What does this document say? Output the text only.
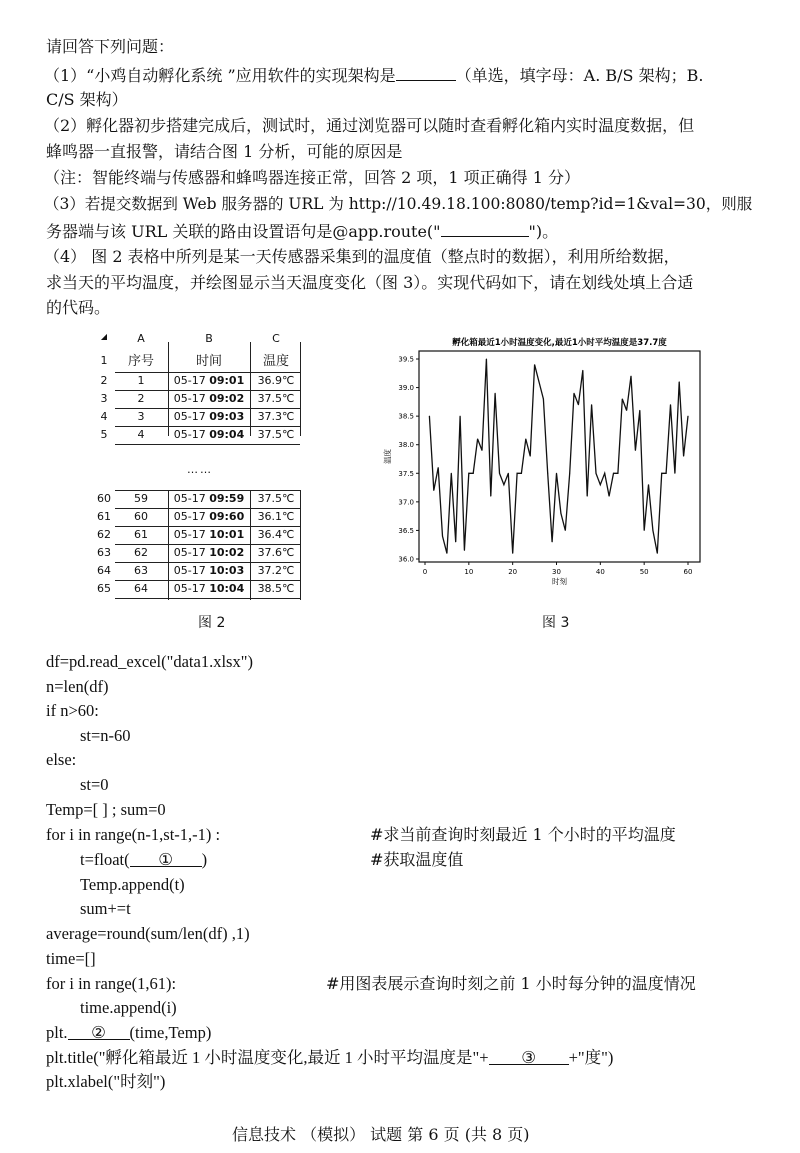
请回答下列问题：
（1）“小鸡自动孵化系统 ”应用软件的实现架构是	（单选，填字母：A. B/S 架构；B.
C/S 架构）
（2）孵化器初步搭建完成后，测试时，通过浏览器可以随时查看孵化箱内实时温度数据，但
蜂鸣器一直报警，请结合图 1 分析，可能的原因是
（注：智能终端与传感器和蜂鸣器连接正常，回答 2 项，1 项正确得 1 分）
（3）若提交数据到 Web 服务器的 URL 为 http://10.49.18.100:8080/temp?id=1&val=30，则服
务器端与该 URL 关联的路由设置语句是@app.route("	")。
（4） 图 2 表格中所列是某一天传感器采集到的温度值（整点时的数据），利用所给数据，
求当天的平均温度，并绘图显示当天温度变化（图 3）。实现代码如下，请在划线处填上合适
的代码。
◢	A	B	C
1	序号	时间	温度
2	1	05-17 09:01	36.9℃
3	2	05-17 09:02	37.5℃
4	3	05-17 09:03	37.3℃
5	4	05-17 09:04	37.5℃
……
60	59	05-17 09:59	37.5℃
61	60	05-17 09:60	36.1℃
62	61	05-17 10:01	36.4℃
63	62	05-17 10:02	37.6℃
64	63	05-17 10:03	37.2℃
65	64	05-17 10:04	38.5℃
图 2
孵化箱最近1小时温度变化,最近1小时平均温度是37.7度
0	10	20	30	40	50	60
36.0
36.5
37.0
37.5
38.0
38.5
39.0
39.5
时刻
温度
图 3
df=pd.read_excel("data1.xlsx")
n=len(df)
if n>60:
st=n-60
else:
st=0
Temp=[ ] ; sum=0
for i in range(n-1,st-1,-1) :	#求当前查询时刻最近 1 个小时的平均温度
t=float( ① )	#获取温度值
Temp.append(t)
sum+=t
average=round(sum/len(df) ,1)
time=[]
for i in range(1,61):	#用图表展示查询时刻之前 1 小时每分钟的温度情况
time.append(i)
plt. ② (time,Temp)
plt.title("孵化箱最近 1 小时温度变化,最近 1 小时平均温度是"+ ③ +"度")
plt.xlabel("时刻")
信息技术 （模拟） 试题 第 6 页 (共 8 页)
